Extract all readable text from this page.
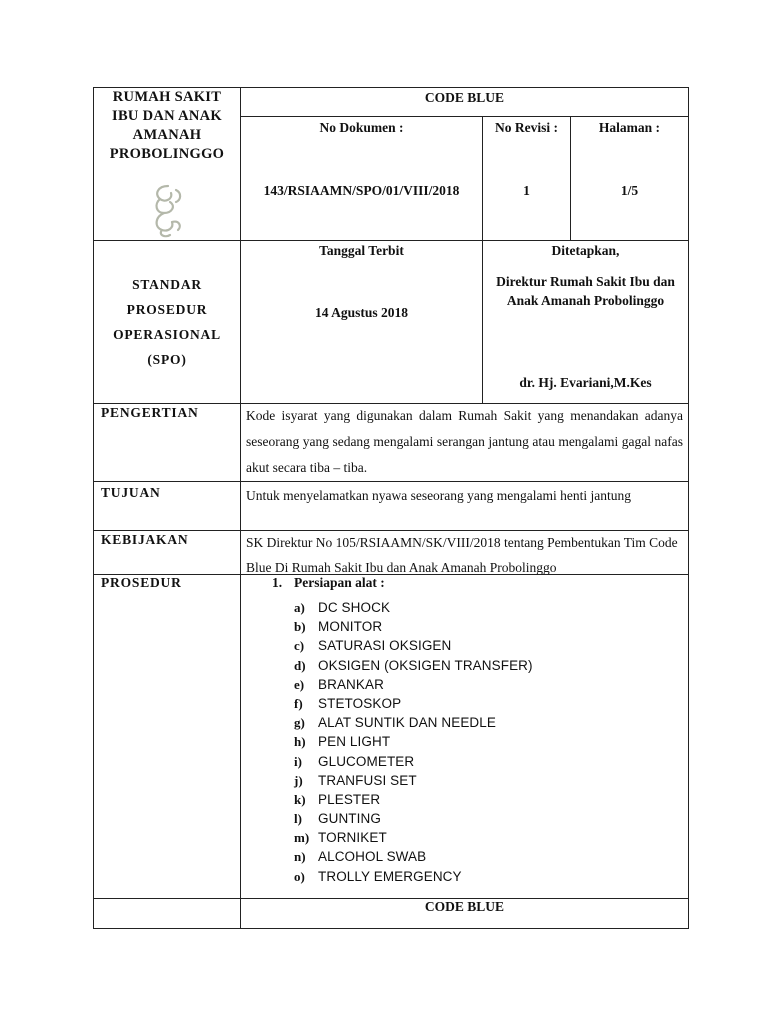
RUMAH SAKIT IBU DAN ANAK AMANAH PROBOLINGGO
CODE BLUE
No Dokumen :
143/RSIAAMN/SPO/01/VIII/2018
No Revisi :
1
Halaman :
1/5
STANDAR
PROSEDUR
OPERASIONAL
(SPO)
Tanggal Terbit
14 Agustus 2018
Ditetapkan,
Direktur Rumah Sakit Ibu dan Anak Amanah Probolinggo
dr. Hj. Evariani,M.Kes
PENGERTIAN	Kode isyarat yang digunakan dalam Rumah Sakit yang menandakan adanya seseorang yang sedang mengalami serangan jantung atau mengalami gagal nafas akut secara tiba – tiba.
TUJUAN	Untuk menyelamatkan nyawa seseorang yang mengalami henti jantung
KEBIJAKAN	SK Direktur No 105/RSIAAMN/SK/VIII/2018 tentang Pembentukan Tim Code Blue Di Rumah Sakit Ibu dan Anak Amanah Probolinggo
PROSEDUR	1. Persiapan alat :
a) DC SHOCK
b) MONITOR
c)	SATURASI OKSIGEN
d) OKSIGEN (OKSIGEN TRANSFER)
e)	BRANKAR
f)	STETOSKOP
g) ALAT SUNTIK DAN NEEDLE
h) PEN LIGHT
i)	GLUCOMETER
j)	TRANFUSI SET
k) PLESTER
l)	GUNTING
m) TORNIKET
n) ALCOHOL SWAB
o) TROLLY EMERGENCY
CODE BLUE
